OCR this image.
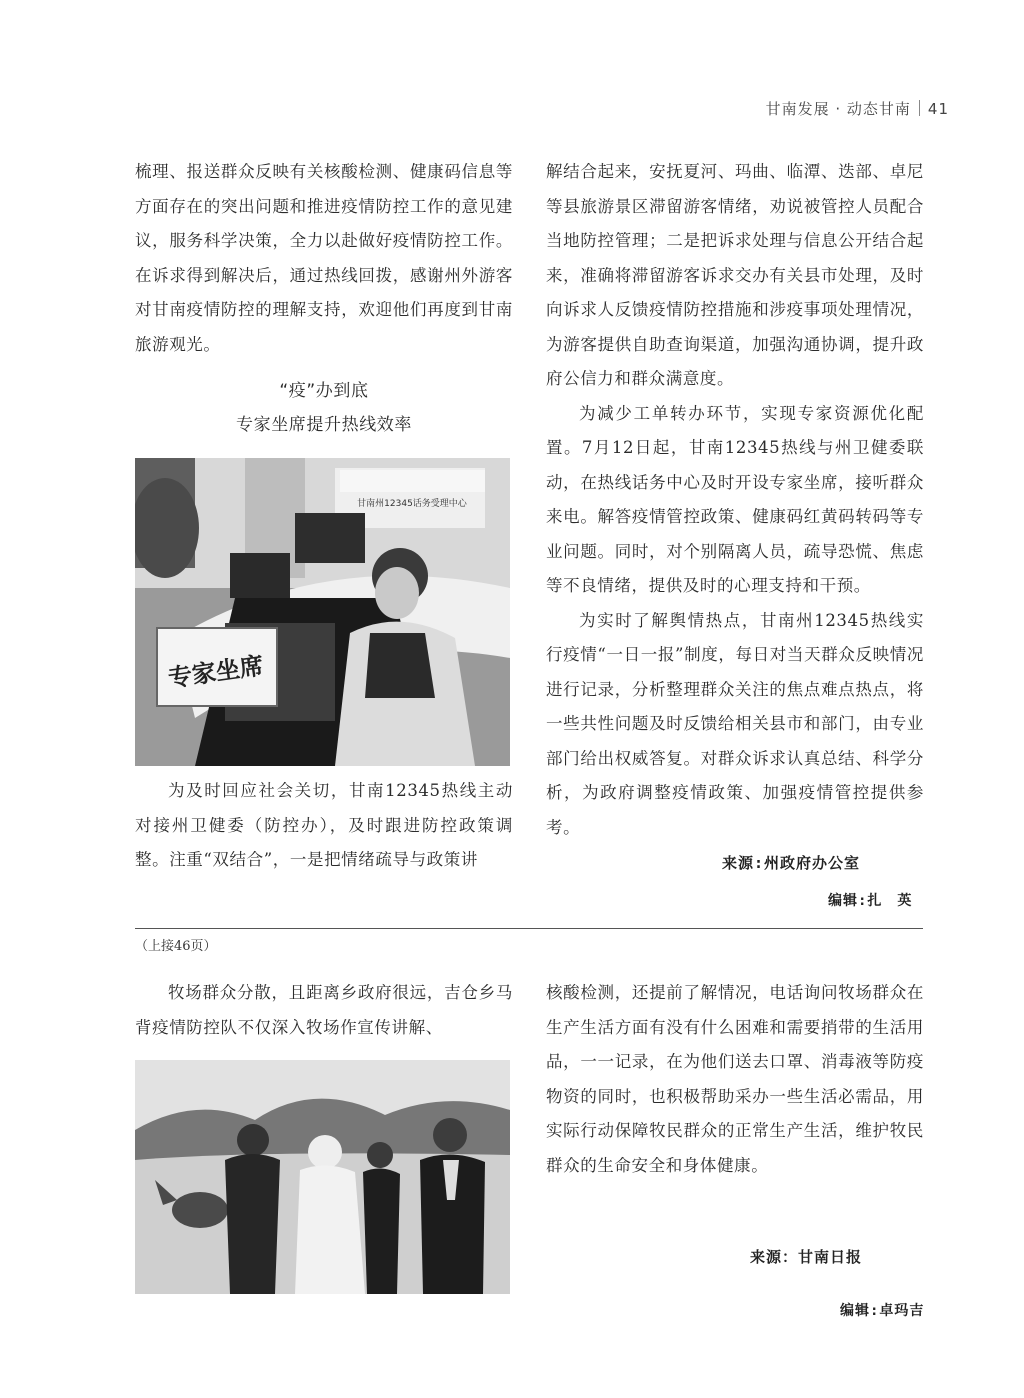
甘南发展 · 动态甘南 41

梳理、报送群众反映有关核酸检测、健康码信息等方面存在的突出问题和推进疫情防控工作的意见建议，服务科学决策，全力以赴做好疫情防控工作。在诉求得到解决后，通过热线回拨，感谢州外游客对甘南疫情防控的理解支持，欢迎他们再度到甘南旅游观光。

“疫”办到底
专家坐席提升热线效率
专家坐席
甘南州12345话务受理中心

为及时回应社会关切，甘南12345热线主动对接州卫健委（防控办），及时跟进防控政策调整。注重“双结合”，一是把情绪疏导与政策讲

解结合起来，安抚夏河、玛曲、临潭、迭部、卓尼等县旅游景区滞留游客情绪，劝说被管控人员配合当地防控管理；二是把诉求处理与信息公开结合起来，准确将滞留游客诉求交办有关县市处理，及时向诉求人反馈疫情防控措施和涉疫事项处理情况，为游客提供自助查询渠道，加强沟通协调，提升政府公信力和群众满意度。

为减少工单转办环节，实现专家资源优化配置。7月12日起，甘南12345热线与州卫健委联动，在热线话务中心及时开设专家坐席，接听群众来电。解答疫情管控政策、健康码红黄码转码等专业问题。同时，对个别隔离人员，疏导恐慌、焦虑等不良情绪，提供及时的心理支持和干预。

为实时了解舆情热点，甘南州12345热线实行疫情“一日一报”制度，每日对当天群众反映情况进行记录，分析整理群众关注的焦点难点热点，将一些共性问题及时反馈给相关县市和部门，由专业部门给出权威答复。对群众诉求认真总结、科学分析，为政府调整疫情政策、加强疫情管控提供参考。

来源:州政府办公室
编辑:扎　英
（上接46页）

牧场群众分散，且距离乡政府很远，吉仓乡马背疫情防控队不仅深入牧场作宣传讲解、

核酸检测，还提前了解情况，电话询问牧场群众在生产生活方面有没有什么困难和需要捎带的生活用品，一一记录，在为他们送去口罩、消毒液等防疫物资的同时，也积极帮助采办一些生活必需品，用实际行动保障牧民群众的正常生产生活，维护牧民群众的生命安全和身体健康。

来源：甘南日报
编辑:卓玛吉
